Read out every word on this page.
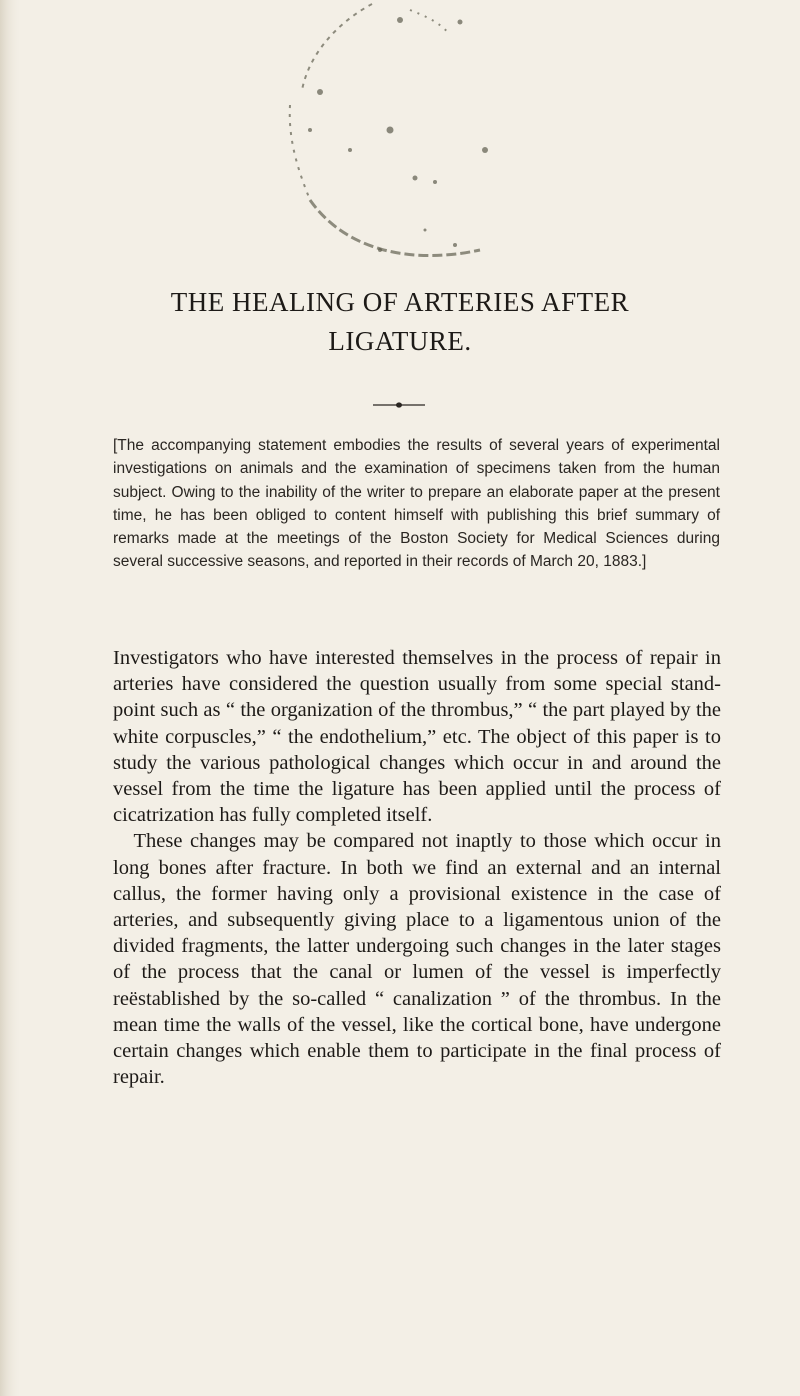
THE HEALING OF ARTERIES AFTER
LIGATURE.

[The accompanying statement embodies the results of several years of experimental investigations on animals and the examination of specimens taken from the human subject. Owing to the inability of the writer to prepare an elaborate paper at the present time, he has been obliged to content himself with publishing this brief summary of remarks made at the meetings of the Boston Society for Medical Sciences during several successive seasons, and reported in their records of March 20, 1883.]

Investigators who have interested themselves in the process of repair in arteries have considered the question usually from some special stand-point such as “ the organization of the thrombus,” “ the part played by the white corpuscles,” “ the endothelium,” etc. The object of this paper is to study the various pathological changes which occur in and around the vessel from the time the ligature has been applied until the process of cicatrization has fully completed itself.

These changes may be compared not inaptly to those which occur in long bones after fracture. In both we find an external and an internal callus, the former having only a provisional existence in the case of arteries, and subsequently giving place to a ligamentous union of the divided fragments, the latter undergoing such changes in the later stages of the process that the canal or lumen of the vessel is imperfectly reëstablished by the so-called “ canalization ” of the thrombus. In the mean time the walls of the vessel, like the cortical bone, have undergone certain changes which enable them to participate in the final process of repair.
